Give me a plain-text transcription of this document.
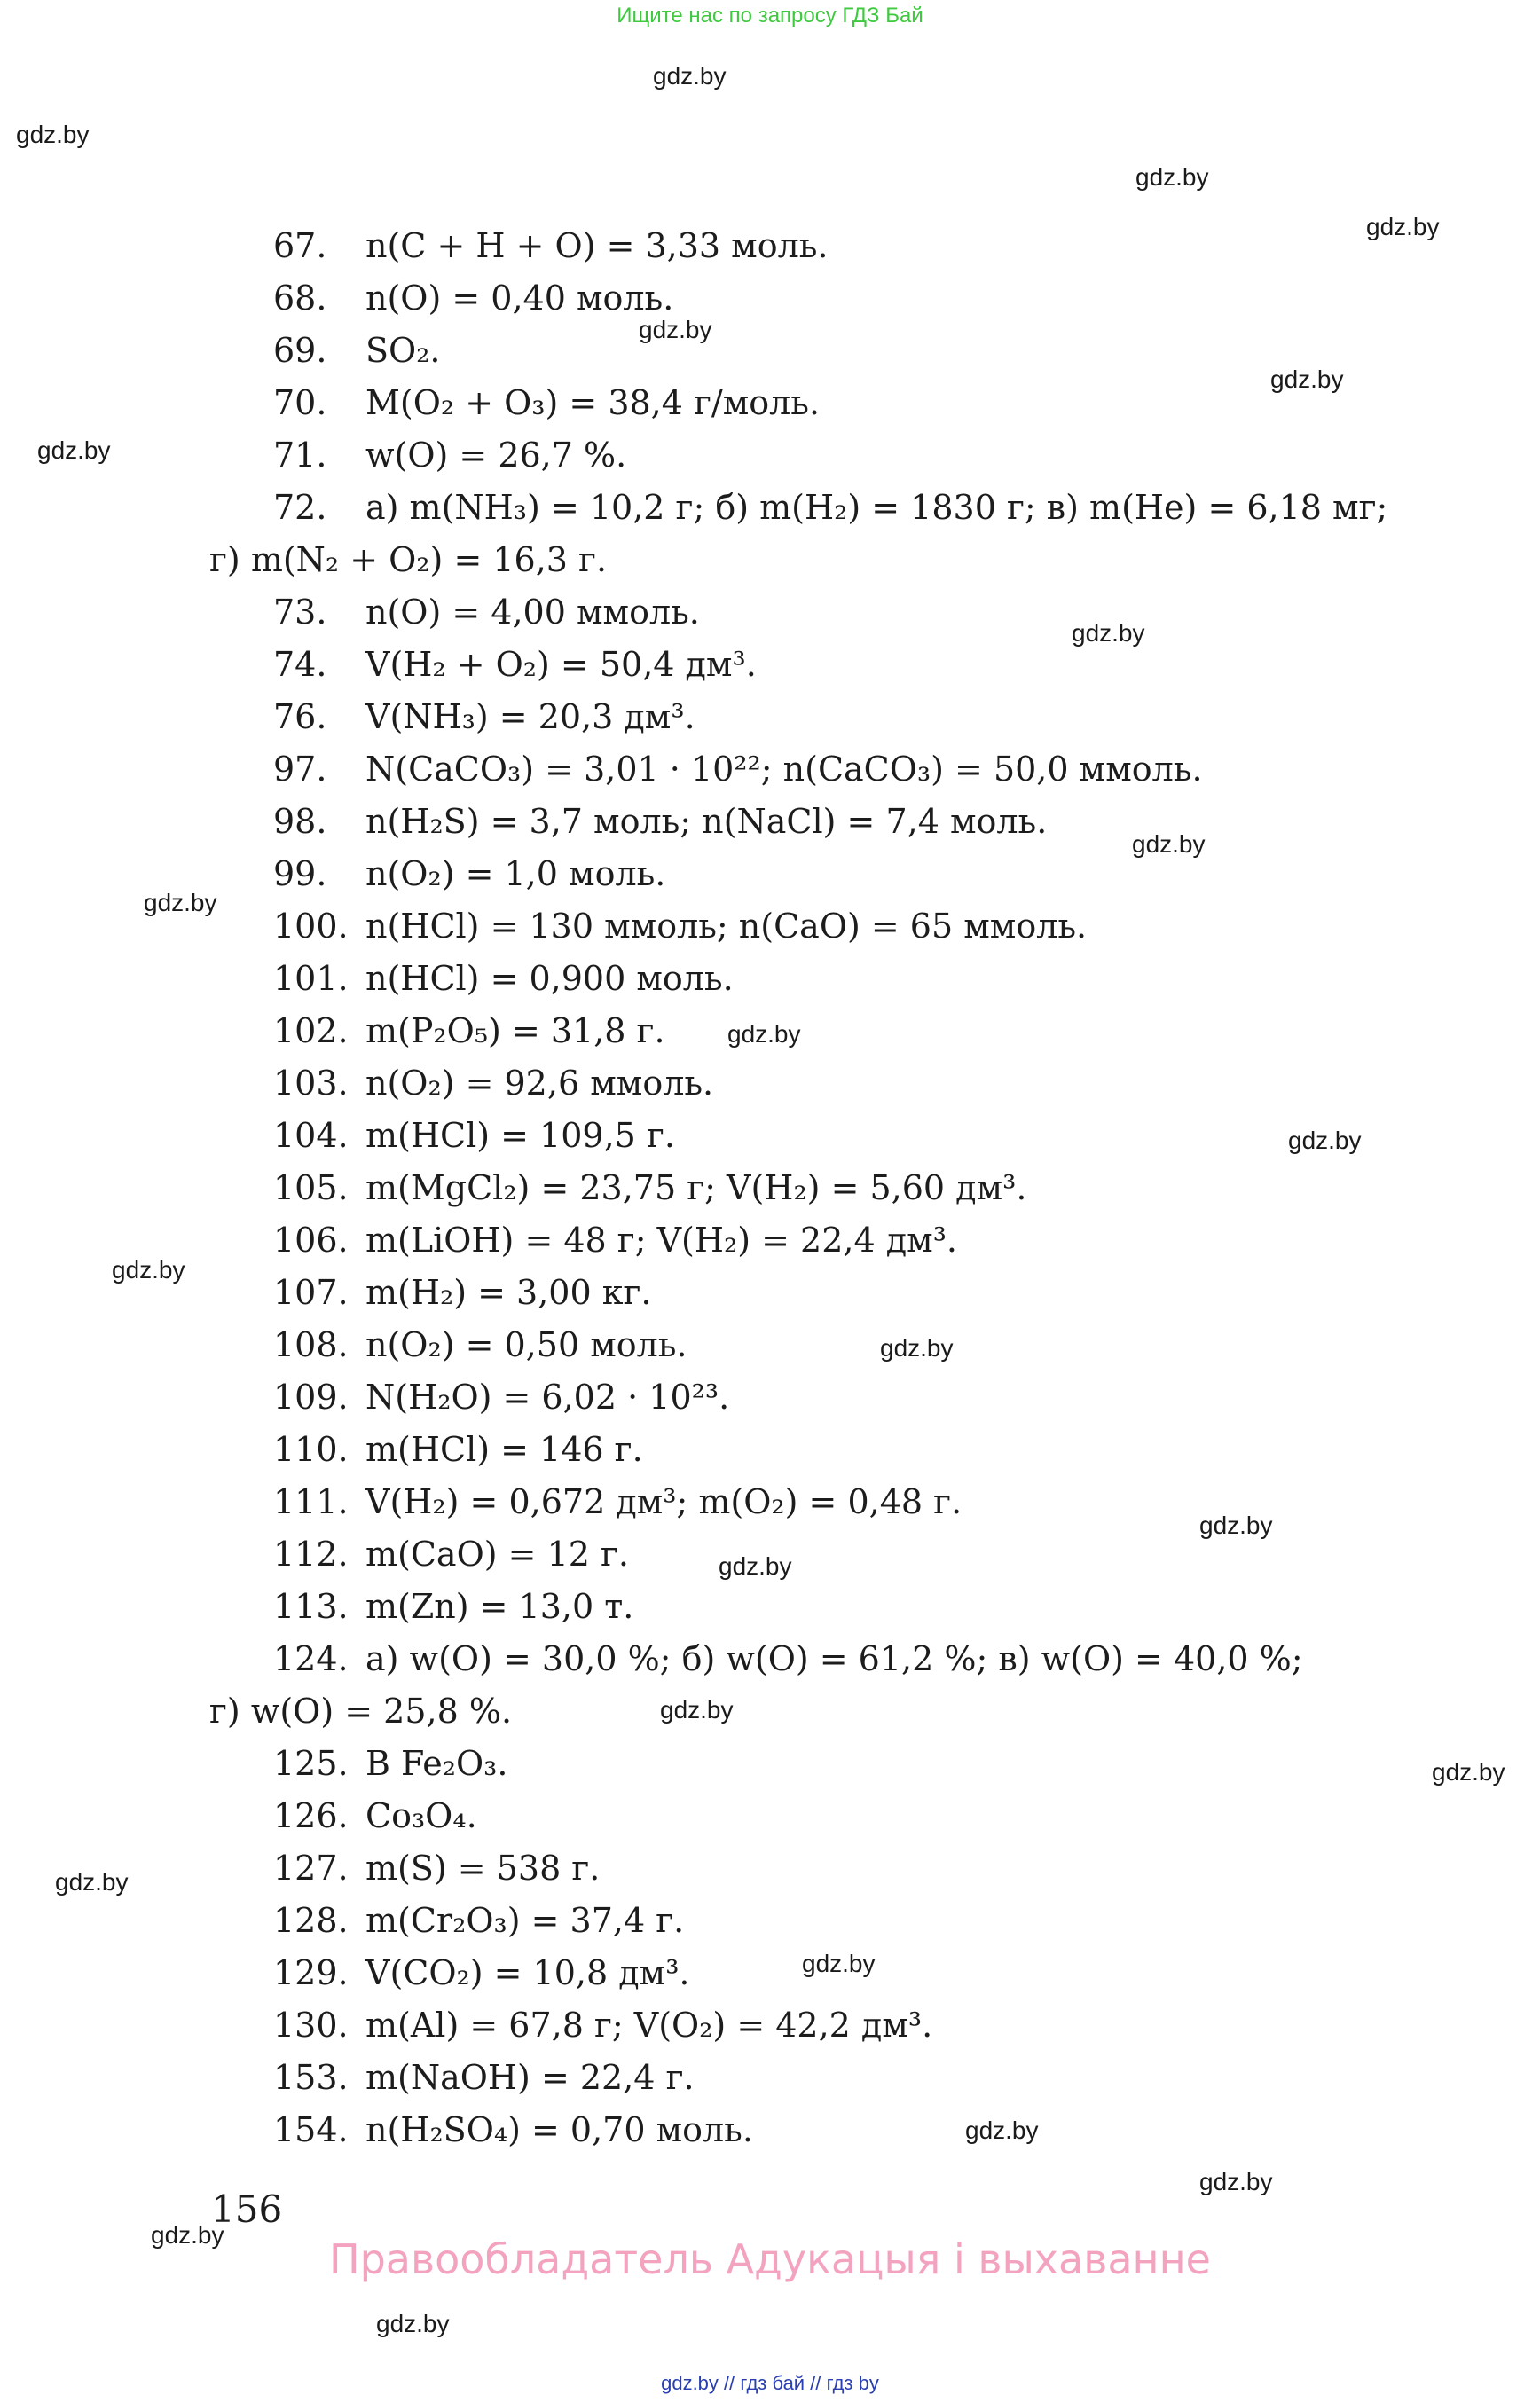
Ищите нас по запросу ГДЗ Бай
gdz.by
gdz.by
gdz.by
gdz.by
gdz.by
gdz.by
gdz.by
gdz.by
gdz.by
gdz.by
gdz.by
gdz.by
gdz.by
gdz.by
gdz.by
gdz.by
gdz.by
gdz.by
gdz.by
gdz.by
gdz.by
gdz.by
gdz.by
gdz.by
67. n(C + H + O) = 3,33 моль.
68. n(O) = 0,40 моль.
69. SO₂.
70. M(O₂ + O₃) = 38,4 г/моль.
71. w(O) = 26,7 %.
72. а) m(NH₃) = 10,2 г; б) m(H₂) = 1830 г; в) m(He) = 6,18 мг;
г) m(N₂ + O₂) = 16,3 г.
73. n(O) = 4,00 ммоль.
74. V(H₂ + O₂) = 50,4 дм³.
76. V(NH₃) = 20,3 дм³.
97. N(CaCO₃) = 3,01 · 10²²; n(CaCO₃) = 50,0 ммоль.
98. n(H₂S) = 3,7 моль; n(NaCl) = 7,4 моль.
99. n(O₂) = 1,0 моль.
100. n(HCl) = 130 ммоль; n(CaO) = 65 ммоль.
101. n(HCl) = 0,900 моль.
102. m(P₂O₅) = 31,8 г.
103. n(O₂) = 92,6 ммоль.
104. m(HCl) = 109,5 г.
105. m(MgCl₂) = 23,75 г; V(H₂) = 5,60 дм³.
106. m(LiOH) = 48 г; V(H₂) = 22,4 дм³.
107. m(H₂) = 3,00 кг.
108. n(O₂) = 0,50 моль.
109. N(H₂O) = 6,02 · 10²³.
110. m(HCl) = 146 г.
111. V(H₂) = 0,672 дм³; m(O₂) = 0,48 г.
112. m(CaO) = 12 г.
113. m(Zn) = 13,0 т.
124. а) w(O) = 30,0 %; б) w(O) = 61,2 %; в) w(O) = 40,0 %;
г) w(O) = 25,8 %.
125. В Fe₂O₃.
126. Co₃O₄.
127. m(S) = 538 г.
128. m(Cr₂O₃) = 37,4 г.
129. V(CO₂) = 10,8 дм³.
130. m(Al) = 67,8 г; V(O₂) = 42,2 дм³.
153. m(NaOH) = 22,4 г.
154. n(H₂SO₄) = 0,70 моль.
156
Правообладатель Адукацыя і выхаванне
gdz.by // гдз бай // гдз by
